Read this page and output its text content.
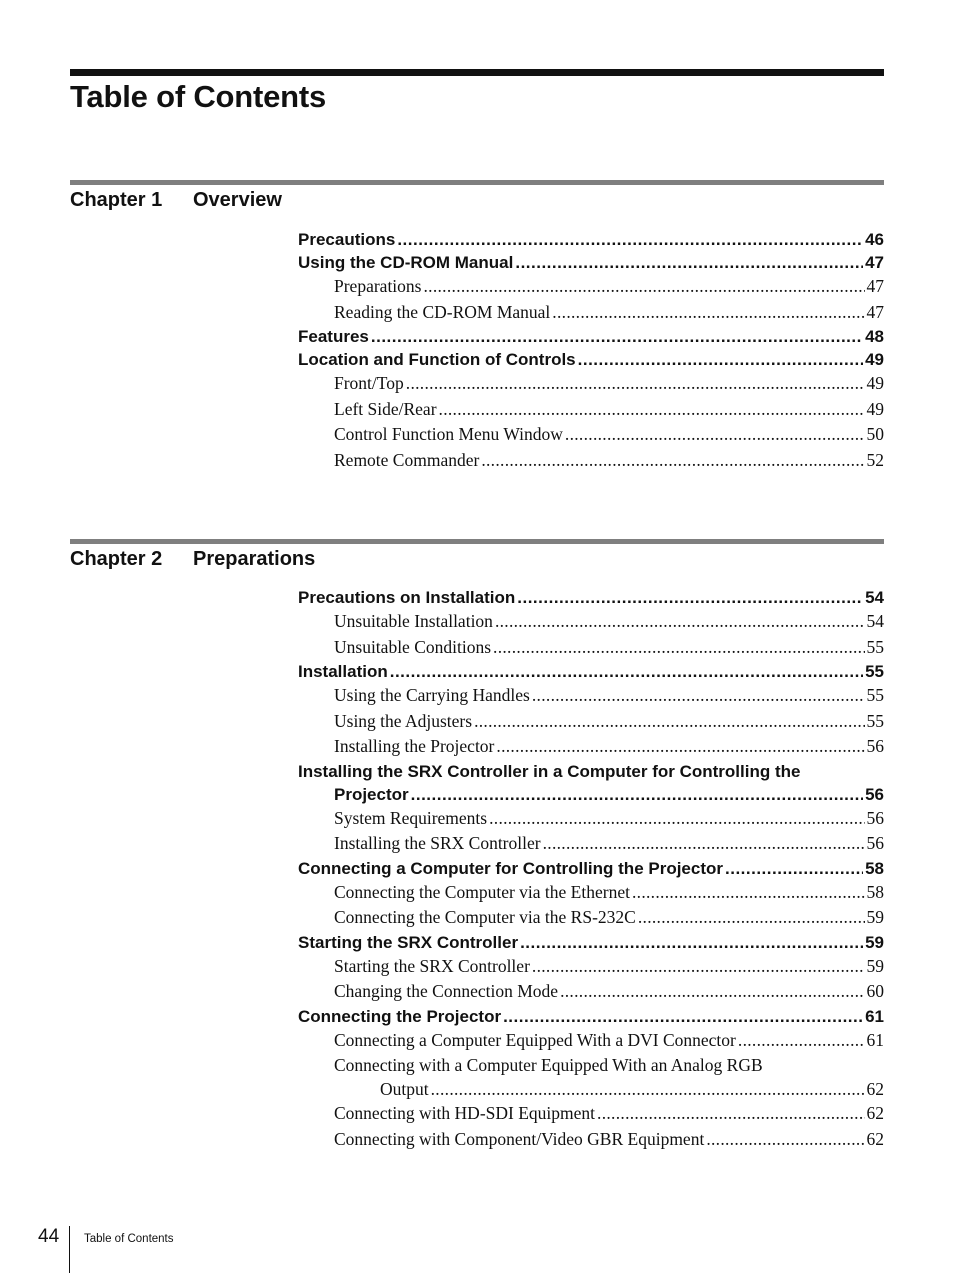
Table of Contents
Chapter 1 Overview
Precautions .....	46
Using the CD-ROM Manual .....	47
Preparations .....	47
Reading the CD-ROM Manual .....	47
Features .....	48
Location and Function of Controls .....	49
Front/Top .....	49
Left Side/Rear .....	49
Control Function Menu Window .....	50
Remote Commander .....	52
Chapter 2 Preparations
Precautions on Installation .....	54
Unsuitable Installation .....	54
Unsuitable Conditions .....	55
Installation .....	55
Using the Carrying Handles .....	55
Using the Adjusters .....	55
Installing the Projector .....	56
Installing the SRX Controller in a Computer for Controlling the
Projector .....	56
System Requirements .....	56
Installing the SRX Controller .....	56
Connecting a Computer for Controlling the Projector .....	58
Connecting the Computer via the Ethernet .....	58
Connecting the Computer via the RS-232C .....	59
Starting the SRX Controller .....	59
Starting the SRX Controller .....	59
Changing the Connection Mode .....	60
Connecting the Projector .....	61
Connecting a Computer Equipped With a DVI Connector .....	61
Connecting with a Computer Equipped With an Analog RGB
Output .....	62
Connecting with HD-SDI Equipment .....	62
Connecting with Component/Video GBR Equipment .....	62
44 Table of Contents
